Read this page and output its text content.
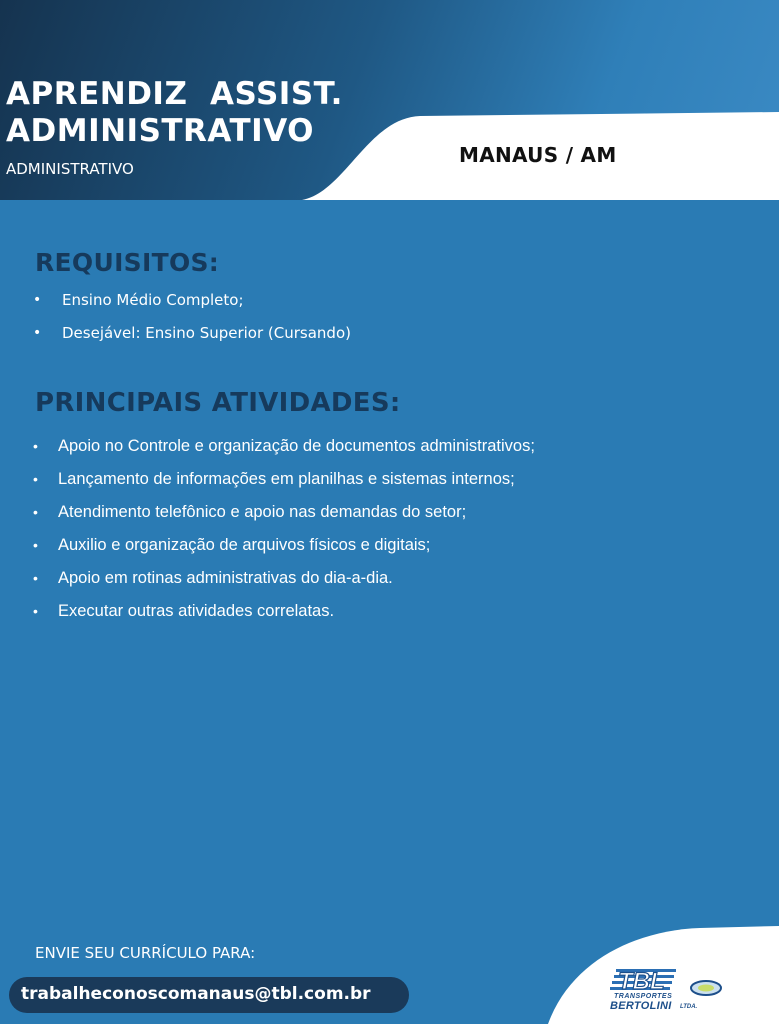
APRENDIZ  ASSIST.
ADMINISTRATIVO
ADMINISTRATIVO
MANAUS / AM
REQUISITOS:
• Ensino Médio Completo;
• Desejável: Ensino Superior (Cursando)
PRINCIPAIS ATIVIDADES:
• Apoio no Controle e organização de documentos administrativos;
• Lançamento de informações em planilhas e sistemas internos;
• Atendimento telefônico e apoio nas demandas do setor;
• Auxilio e organização de arquivos físicos e digitais;
• Apoio em rotinas administrativas do dia-a-dia.
• Executar outras atividades correlatas.
ENVIE SEU CURRÍCULO PARA:
trabalheconoscomanaus@tbl.com.br	TBL
TRANSPORTES
BERTOLINI LTDA.
